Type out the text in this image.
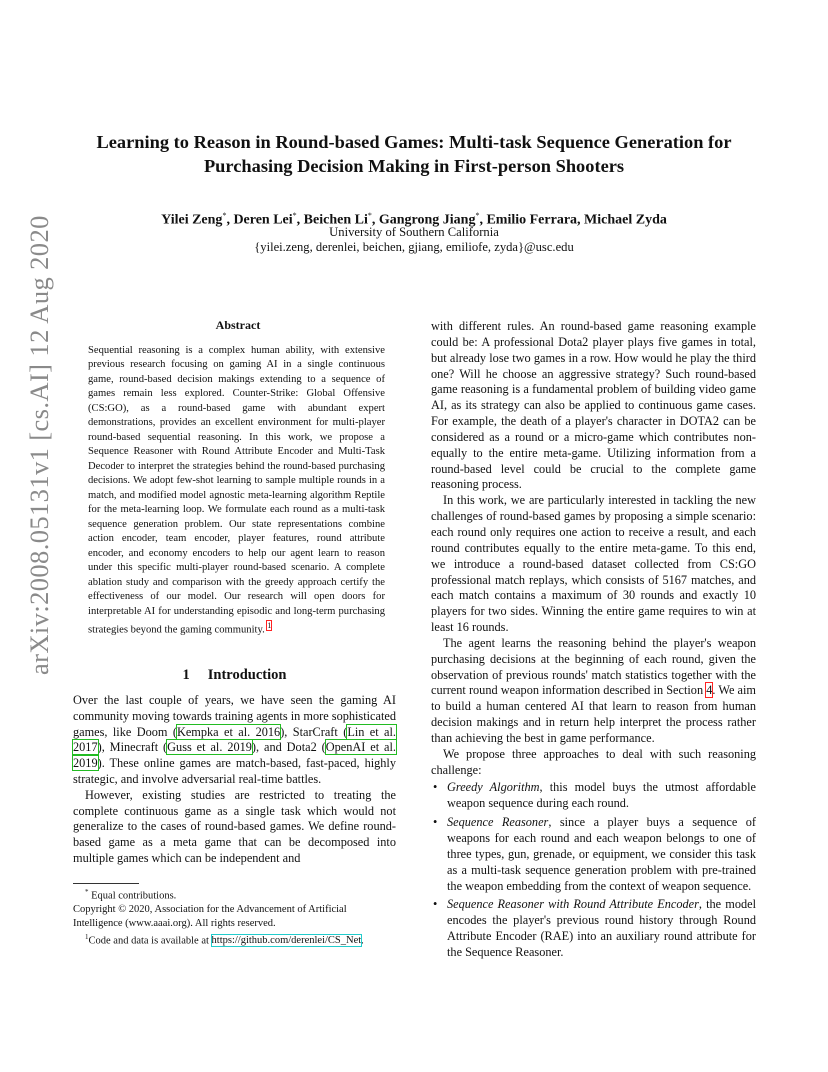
arXiv:2008.05131v1 [cs.AI] 12 Aug 2020
Learning to Reason in Round-based Games: Multi-task Sequence Generation for Purchasing Decision Making in First-person Shooters
Yilei Zeng*, Deren Lei*, Beichen Li*, Gangrong Jiang*, Emilio Ferrara, Michael Zyda
University of Southern California
{yilei.zeng, derenlei, beichen, gjiang, emiliofe, zyda}@usc.edu
Abstract
Sequential reasoning is a complex human ability, with extensive previous research focusing on gaming AI in a single continuous game, round-based decision makings extending to a sequence of games remain less explored. Counter-Strike: Global Offensive (CS:GO), as a round-based game with abundant expert demonstrations, provides an excellent environment for multi-player round-based sequential reasoning. In this work, we propose a Sequence Reasoner with Round Attribute Encoder and Multi-Task Decoder to interpret the strategies behind the round-based purchasing decisions. We adopt few-shot learning to sample multiple rounds in a match, and modified model agnostic meta-learning algorithm Reptile for the meta-learning loop. We formulate each round as a multi-task sequence generation problem. Our state representations combine action encoder, team encoder, player features, round attribute encoder, and economy encoders to help our agent learn to reason under this specific multi-player round-based scenario. A complete ablation study and comparison with the greedy approach certify the effectiveness of our model. Our research will open doors for interpretable AI for understanding episodic and long-term purchasing strategies beyond the gaming community. $^1$
1 Introduction

Over the last couple of years, we have seen the gaming AI community moving towards training agents in more sophisticated games, like Doom (Kempka et al. 2016), StarCraft (Lin et al. 2017), Minecraft (Guss et al. 2019), and Dota2 (OpenAI et al. 2019). These online games are match-based, fast-paced, highly strategic, and involve adversarial real-time battles.

However, existing studies are restricted to treating the complete continuous game as a single task which would not generalize to the cases of round-based games. We define round-based game as a meta game that can be decomposed into multiple games which can be independent and

* Equal contributions.

Copyright © 2020, Association for the Advancement of Artificial Intelligence (www.aaai.org). All rights reserved.

$^1$Code and data is available at https://github.com/derenlei/CS_Net.

with different rules. An round-based game reasoning example could be: A professional Dota2 player plays five games in total, but already lose two games in a row. How would he play the third one? Will he choose an aggressive strategy? Such round-based game reasoning is a fundamental problem of building video game AI, as its strategy can also be applied to continuous game cases. For example, the death of a player's character in DOTA2 can be considered as a round or a micro-game which contributes non-equally to the entire meta-game. Utilizing information from a round-based level could be crucial to the complete game reasoning process.

In this work, we are particularly interested in tackling the new challenges of round-based games by proposing a simple scenario: each round only requires one action to receive a result, and each round contributes equally to the entire meta-game. To this end, we introduce a round-based dataset collected from CS:GO professional match replays, which consists of 5167 matches, and each match contains a maximum of 30 rounds and exactly 10 players for two sides. Winning the entire game requires to win at least 16 rounds.

The agent learns the reasoning behind the player's weapon purchasing decisions at the beginning of each round, given the observation of previous rounds' match statistics together with the current round weapon information described in Section 4. We aim to build a human centered AI that learn to reason from human decision makings and in return help interpret the process rather than achieving the best in game performance.

We propose three approaches to deal with such reasoning challenge:

• Greedy Algorithm, this model buys the utmost affordable weapon sequence during each round.
• Sequence Reasoner, since a player buys a sequence of weapons for each round and each weapon belongs to one of three types, gun, grenade, or equipment, we consider this task as a multi-task sequence generation problem with pre-trained the weapon embedding from the context of weapon sequence.
• Sequence Reasoner with Round Attribute Encoder, the model encodes the player's previous round history through Round Attribute Encoder (RAE) into an auxiliary round attribute for the Sequence Reasoner.
